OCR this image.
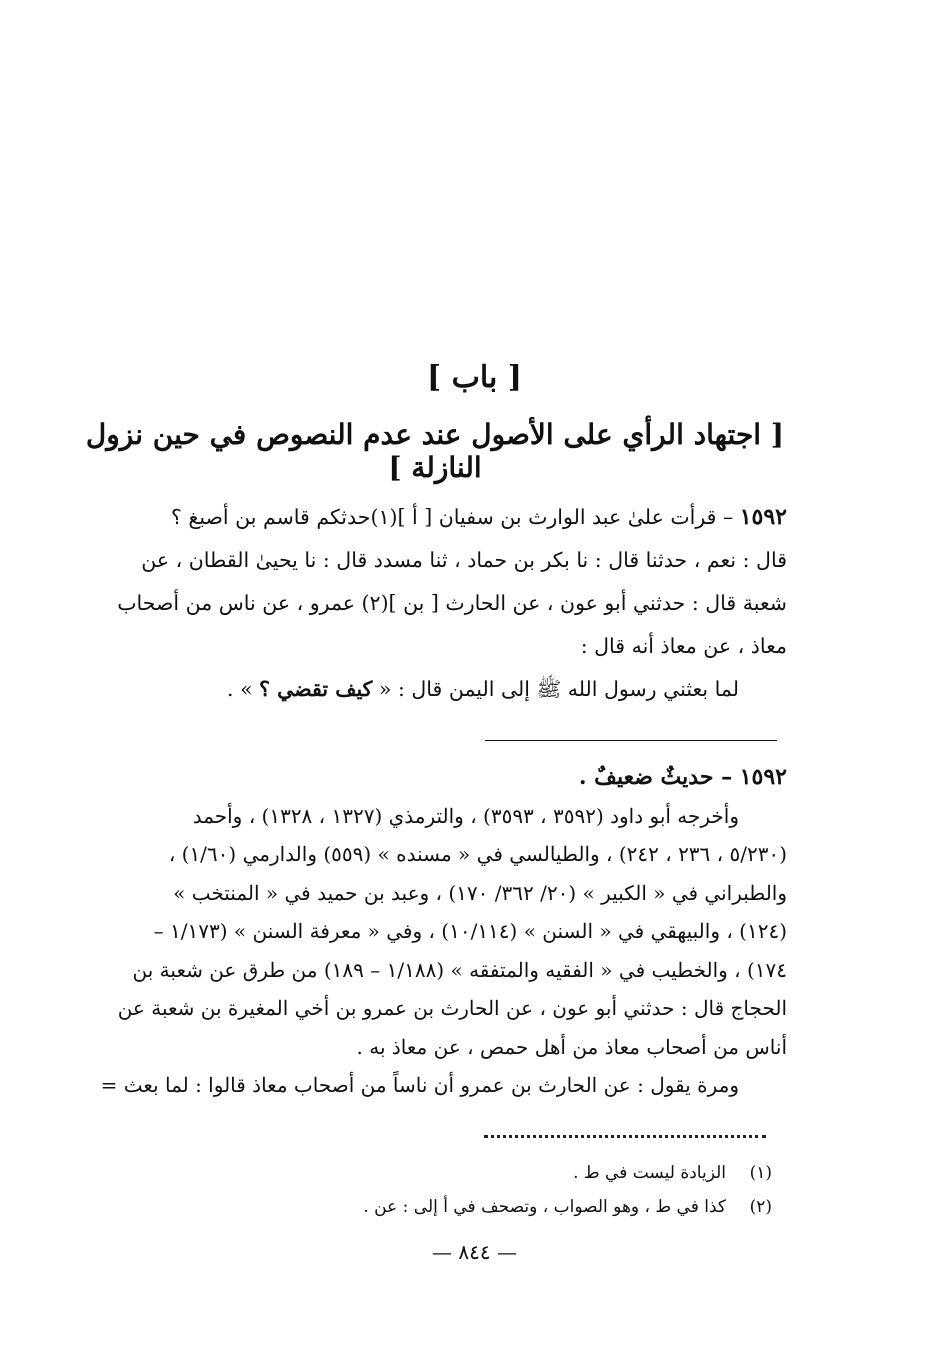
[ باب ]
[ اجتهاد الرأي على الأصول عند عدم النصوص في حين نزول النازلة ]

١٥٩٢ – قرأت علىٰ عبد الوارث بن سفيان [ أ ](١)حدثكم قاسم بن أصبغ ؟

قال : نعم ، حدثنا قال : نا بكر بن حماد ، ثنا مسدد قال : نا يحيىٰ القطان ، عن

شعبة قال : حدثني أبو عون ، عن الحارث [ بن ](٢) عمرو ، عن ناس من أصحاب

معاذ ، عن معاذ أنه قال :

لما بعثني رسول الله ﷺ إلى اليمن قال : « كيف تقضي ؟ » .

١٥٩٢ – حديثٌ ضعيفٌ .

وأخرجه أبو داود (٣٥٩٢ ، ٣٥٩٣) ، والترمذي (١٣٢٧ ، ١٣٢٨) ، وأحمد

(٥/٢٣٠ ، ٢٣٦ ، ٢٤٢) ، والطيالسي في « مسنده » (٥٥٩) والدارمي (١/٦٠) ،

والطبراني في « الكبير » (٢٠/ ٣٦٢/ ١٧٠) ، وعبد بن حميد في « المنتخب »

(١٢٤) ، والبيهقي في « السنن » (١٠/١١٤) ، وفي « معرفة السنن » (١/١٧٣ –

١٧٤) ، والخطيب في « الفقيه والمتفقه » (١/١٨٨ – ١٨٩) من طرق عن شعبة بن

الحجاج قال : حدثني أبو عون ، عن الحارث بن عمرو بن أخي المغيرة بن شعبة عن

أناس من أصحاب معاذ من أهل حمص ، عن معاذ به .

ومرة يقول : عن الحارث بن عمرو أن ناساً من أصحاب معاذ قالوا : لما بعث =

(١)الزيادة ليست في ط .

(٢)كذا في ط ، وهو الصواب ، وتصحف في أ إلى : عن .

— ٨٤٤ —
